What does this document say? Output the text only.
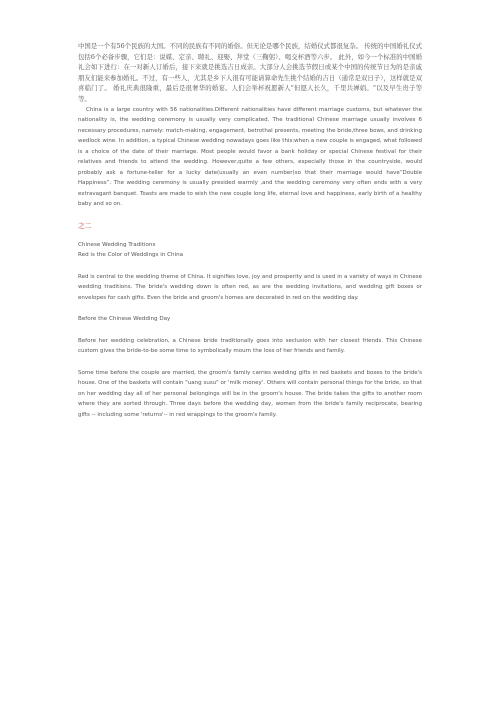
中国是一个有56个民族的大国。不同的民族有不同的婚俗。但无论是哪个民族，结婚仪式都很复杂。 传统的中国婚礼仪式包括6个必备步骤，它们是：说媒、定亲、聘礼、迎娶、拜堂（三鞠躬）、喝交杯酒等六步。 此外，如今一个标准的中国婚礼会如下进行：在一对新人订婚后，接下来就是挑选吉日成亲。大部分人会挑选节假日或某个中国的传统节日为的是亲戚朋友们能来参加婚礼。不过，有一些人，尤其是乡下人很有可能请算命先生挑个结婚的吉日（通常是双日子），这样就是双喜临门了。 婚礼庆典很隆重，最后是很奢华的婚宴。人们会举杯祝愿新人"但愿人长久，千里共婵娟。"以及早生贵子等等。

China is a large country with 56 nationalities.Different nationalities have different marriage customs, but whatever the nationality is, the wedding ceremony is usually very complicated. The traditional Chinese marriage usually involves 6 necessary procedures, namely: match-making, engagement, betrothal presents, meeting the bride,three bows, and drinking wedlock wine. In addition, a typical Chinese wedding nowadays goes like this:when a new couple is engaged, what followed is a choice of the date of their marriage. Most people would favor a bank holiday or special Chinese festival for their relatives and friends to attend the wedding. However,quite a few others, especially those in the countryside, would probably ask a fortune-teller for a lucky date(usually an even number)so that their marriage would have“Double Happiness”. The wedding ceremony is usually presided warmly ,and the wedding ceremony very often ends with a very extravagant banquet. Toasts are made to wish the new couple long life, eternal love and happiness, early birth of a healthy baby and so on.

之二

Chinese Wedding Traditions

Red is the Color of Weddings in China

Red is central to the wedding theme of China. It signifies love, joy and prosperity and is used in a variety of ways in Chinese wedding traditions. The bride's wedding down is often red, as are the wedding invitations, and wedding gift boxes or envelopes for cash gifts. Even the bride and groom's homes are decorated in red on the wedding day.

Before the Chinese Wedding Day

Before her wedding celebration, a Chinese bride traditionally goes into seclusion with her closest friends. This Chinese custom gives the bride-to-be some time to symbolically mourn the loss of her friends and family.

Some time before the couple are married, the groom's family carries wedding gifts in red baskets and boxes to the bride's house. One of the baskets will contain "uang susu" or 'milk money'. Others will contain personal things for the bride, so that on her wedding day all of her personal belongings will be in the groom's house. The bride takes the gifts to another room where they are sorted through. Three days before the wedding day, women from the bride's family reciprocate, bearing gifts -- including some 'returns'-- in red wrappings to the groom's family.
